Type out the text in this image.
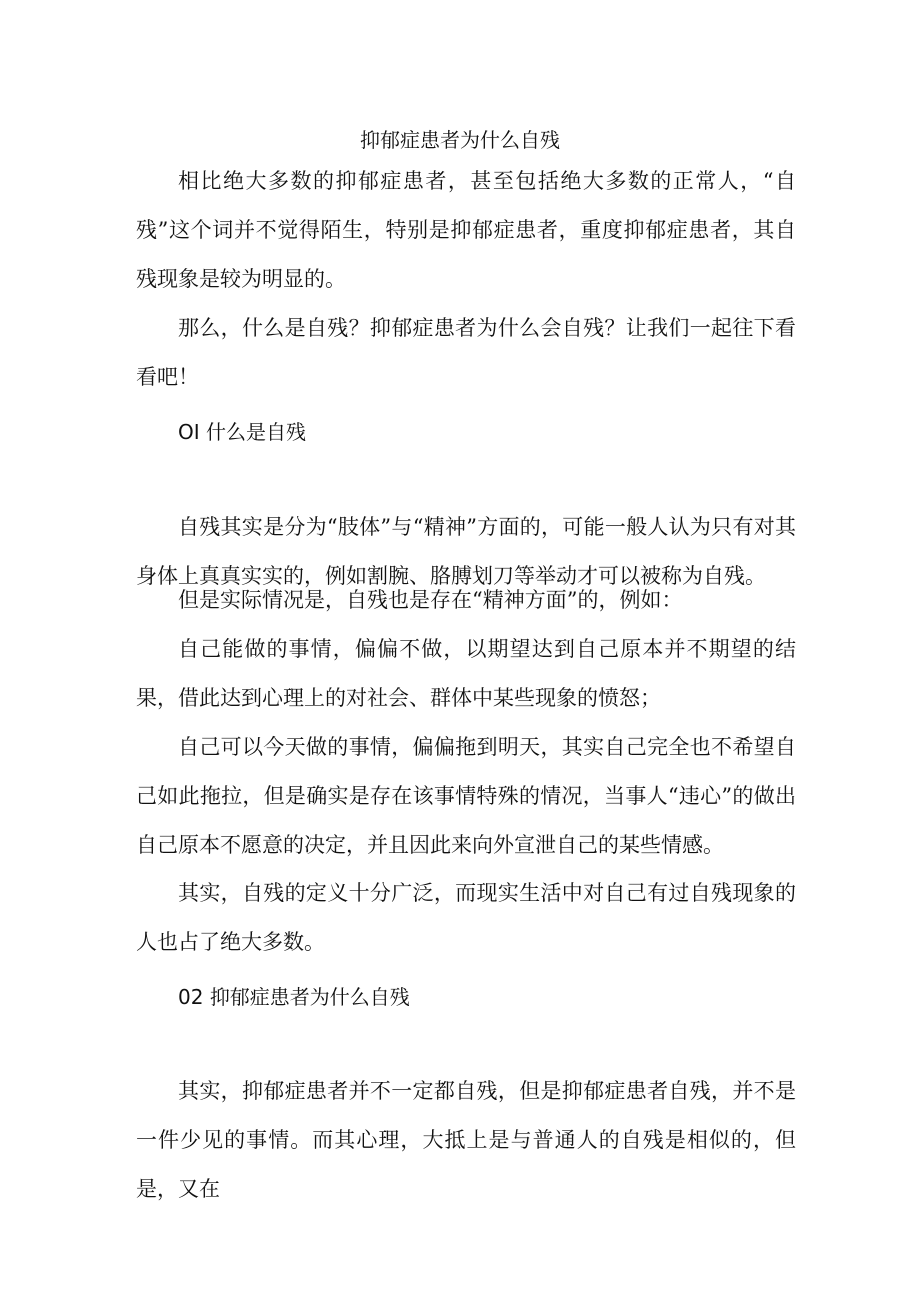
抑郁症患者为什么自残

相比绝大多数的抑郁症患者，甚至包括绝大多数的正常人，“自残”这个词并不觉得陌生，特别是抑郁症患者，重度抑郁症患者，其自残现象是较为明显的。

那么，什么是自残？抑郁症患者为什么会自残？让我们一起往下看看吧！

OI 什么是自残

自残其实是分为“肢体”与“精神”方面的，可能一般人认为只有对其身体上真真实实的，例如割腕、胳膊划刀等举动才可以被称为自残。

但是实际情况是，自残也是存在“精神方面”的，例如：

自己能做的事情，偏偏不做，以期望达到自己原本并不期望的结果，借此达到心理上的对社会、群体中某些现象的愤怒；

自己可以今天做的事情，偏偏拖到明天，其实自己完全也不希望自己如此拖拉，但是确实是存在该事情特殊的情况，当事人“违心”的做出自己原本不愿意的决定，并且因此来向外宣泄自己的某些情感。

其实，自残的定义十分广泛，而现实生活中对自己有过自残现象的人也占了绝大多数。

02 抑郁症患者为什么自残

其实，抑郁症患者并不一定都自残，但是抑郁症患者自残，并不是一件少见的事情。而其心理，大抵上是与普通人的自残是相似的，但是，又在
